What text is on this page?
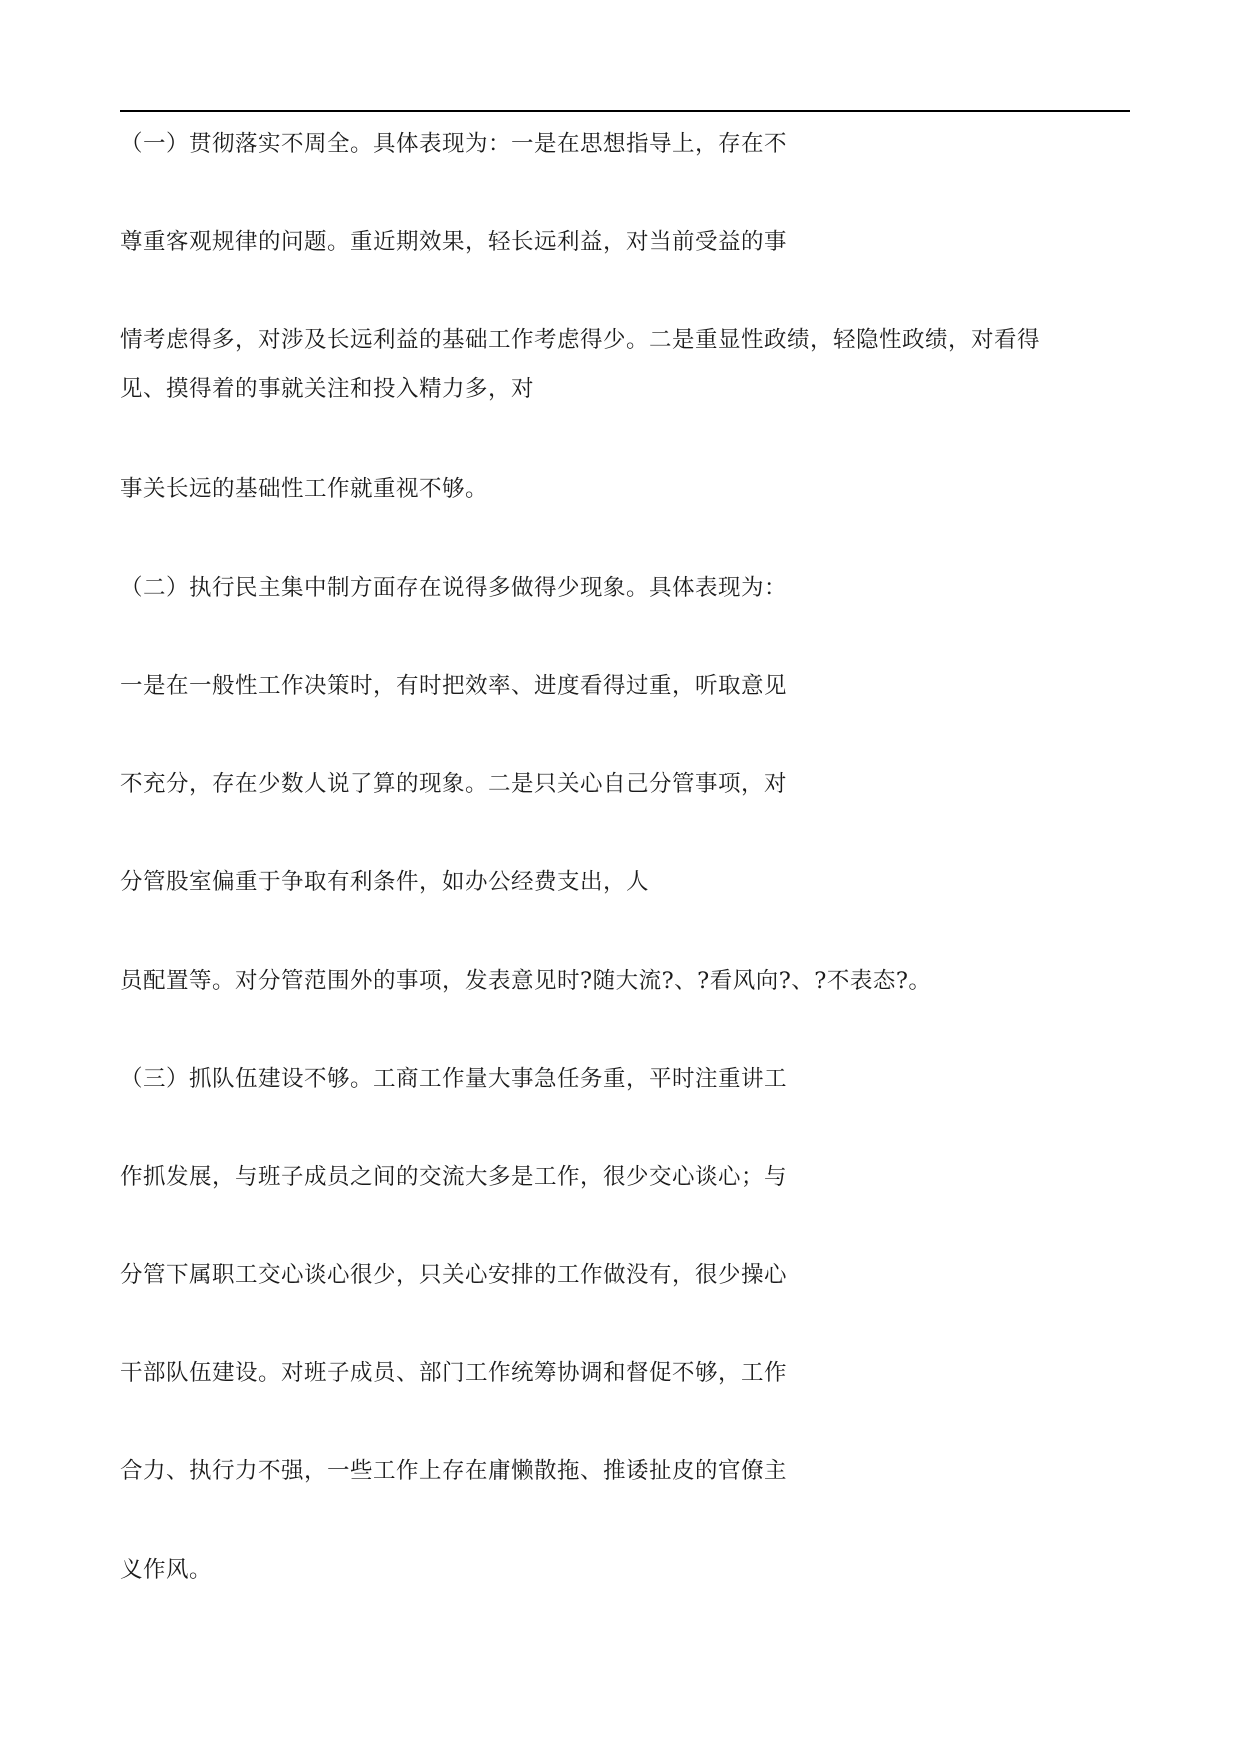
（一）贯彻落实不周全。具体表现为：一是在思想指导上，存在不
尊重客观规律的问题。重近期效果，轻长远利益，对当前受益的事
情考虑得多，对涉及长远利益的基础工作考虑得少。二是重显性政绩，轻隐性政绩，对看得
见、摸得着的事就关注和投入精力多，对
事关长远的基础性工作就重视不够。
（二）执行民主集中制方面存在说得多做得少现象。具体表现为：
一是在一般性工作决策时，有时把效率、进度看得过重，听取意见
不充分，存在少数人说了算的现象。二是只关心自己分管事项，对
分管股室偏重于争取有利条件，如办公经费支出，人
员配置等。对分管范围外的事项，发表意见时?随大流?、?看风向?、?不表态?。
（三）抓队伍建设不够。工商工作量大事急任务重，平时注重讲工
作抓发展，与班子成员之间的交流大多是工作，很少交心谈心；与
分管下属职工交心谈心很少，只关心安排的工作做没有，很少操心
干部队伍建设。对班子成员、部门工作统筹协调和督促不够，工作
合力、执行力不强，一些工作上存在庸懒散拖、推诿扯皮的官僚主
义作风。
